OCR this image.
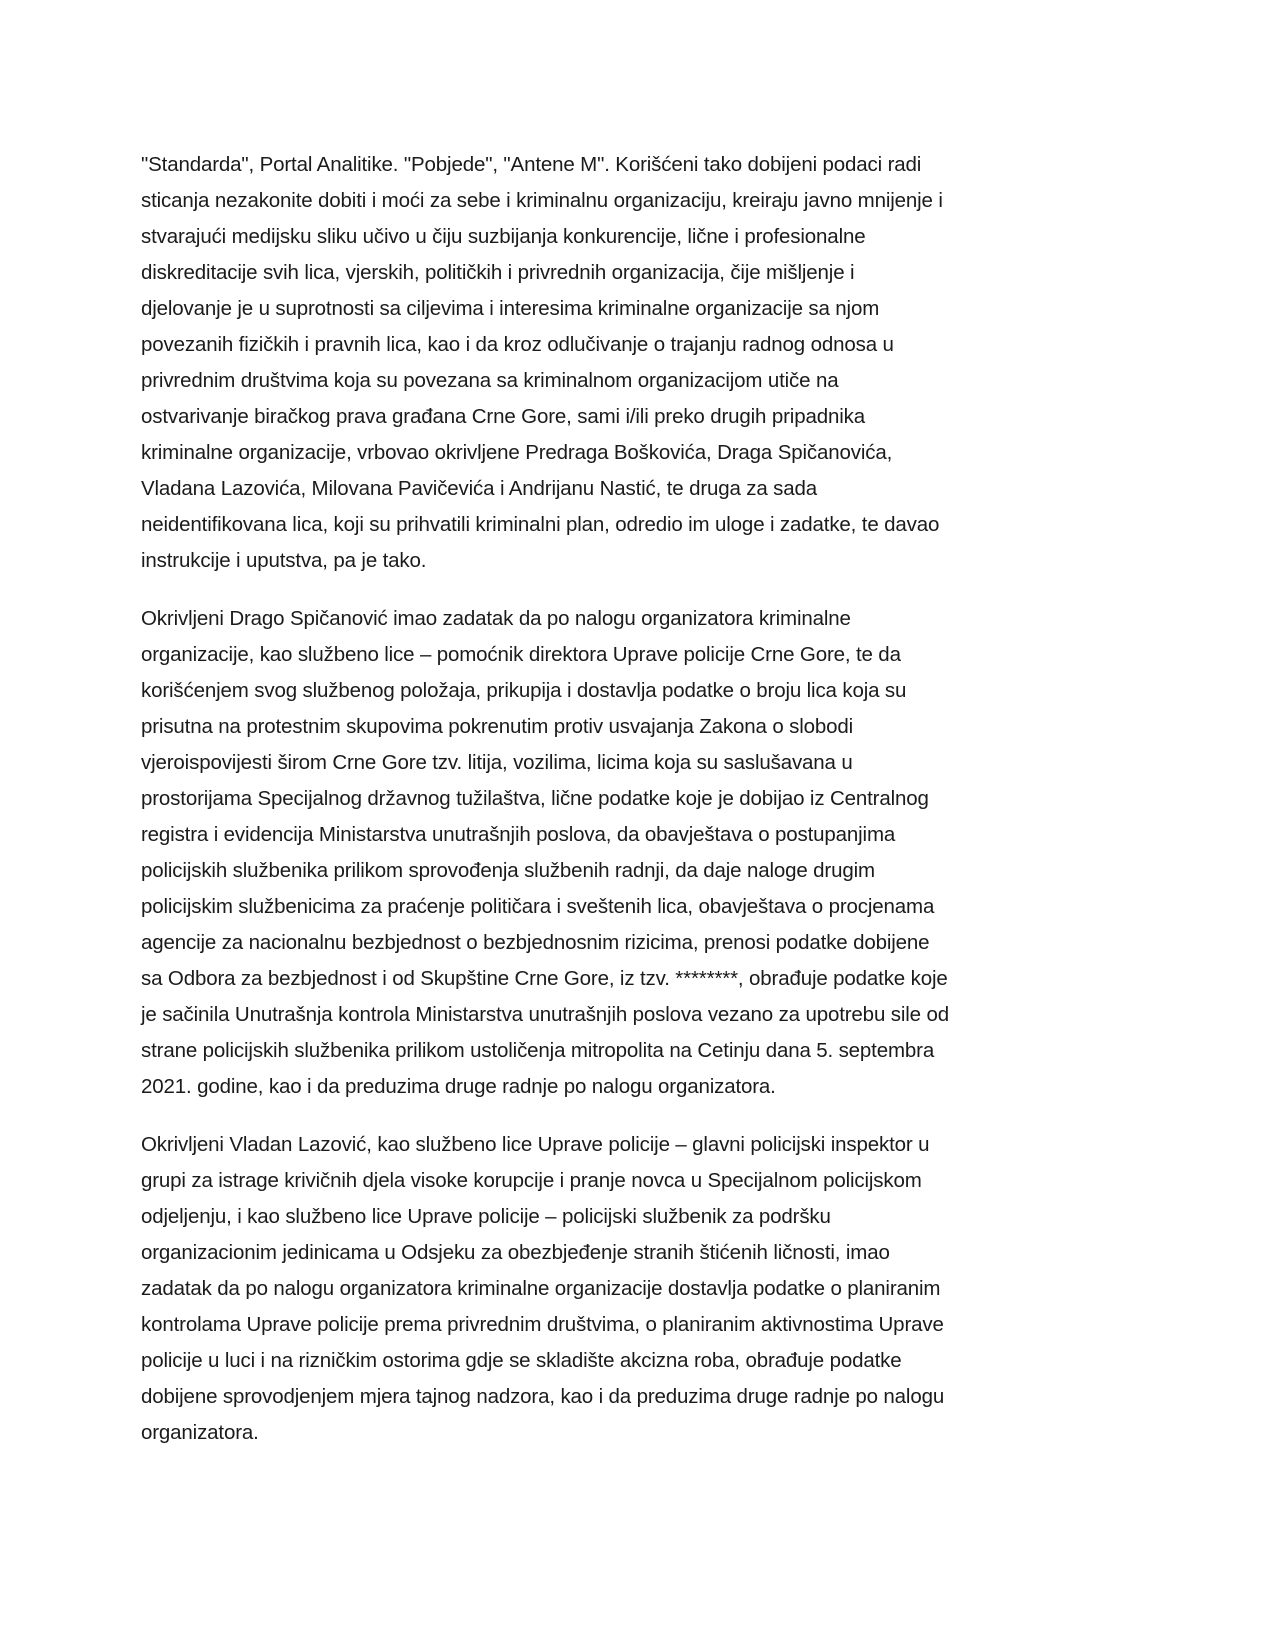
"Standarda", Portal Analitike. "Pobjede", "Antene M". Korišćeni tako dobijeni podaci radi
sticanja nezakonite dobiti i moći za sebe i kriminalnu organizaciju, kreiraju javno mnijenje i
stvarajući medijsku sliku učivo u čiju suzbijanja konkurencije, lične i profesionalne
diskreditacije svih lica, vjerskih, političkih i privrednih organizacija, čije mišljenje i
djelovanje je u suprotnosti sa ciljevima i interesima kriminalne organizacije sa njom
povezanih fizičkih i pravnih lica, kao i da kroz odlučivanje o trajanju radnog odnosa u
privrednim društvima koja su povezana sa kriminalnom organizacijom utiče na
ostvarivanje biračkog prava građana Crne Gore, sami i/ili preko drugih pripadnika
kriminalne organizacije, vrbovao okrivljene Predraga Boškovića, Draga Spičanovića,
Vladana Lazovića, Milovana Pavičevića i Andrijanu Nastić, te druga za sada
neidentifikovana lica, koji su prihvatili kriminalni plan, odredio im uloge i zadatke, te davao
instrukcije i uputstva, pa je tako.

Okrivljeni Drago Spičanović imao zadatak da po nalogu organizatora kriminalne
organizacije, kao službeno lice – pomoćnik direktora Uprave policije Crne Gore, te da
korišćenjem svog službenog položaja, prikupija i dostavlja podatke o broju lica koja su
prisutna na protestnim skupovima pokrenutim protiv usvajanja Zakona o slobodi
vjeroispovijesti širom Crne Gore tzv. litija, vozilima, licima koja su saslušavana u
prostorijama Specijalnog državnog tužilaštva, lične podatke koje je dobijao iz Centralnog
registra i evidencija Ministarstva unutrašnjih poslova, da obavještava o postupanjima
policijskih službenika prilikom sprovođenja službenih radnji, da daje naloge drugim
policijskim službenicima za praćenje političara i sveštenih lica, obavještava o procjenama
agencije za nacionalnu bezbjednost o bezbjednosnim rizicima, prenosi podatke dobijene
sa Odbora za bezbjednost i od Skupštine Crne Gore, iz tzv. ********, obrađuje podatke koje
je sačinila Unutrašnja kontrola Ministarstva unutrašnjih poslova vezano za upotrebu sile od
strane policijskih službenika prilikom ustoličenja mitropolita na Cetinju dana 5. septembra
2021. godine, kao i da preduzima druge radnje po nalogu organizatora.

Okrivljeni Vladan Lazović, kao službeno lice Uprave policije – glavni policijski inspektor u
grupi za istrage krivičnih djela visoke korupcije i pranje novca u Specijalnom policijskom
odjeljenju, i kao službeno lice Uprave policije – policijski službenik za podršku
organizacionim jedinicama u Odsjeku za obezbjeđenje stranih štićenih ličnosti, imao
zadatak da po nalogu organizatora kriminalne organizacije dostavlja podatke o planiranim
kontrolama Uprave policije prema privrednim društvima, o planiranim aktivnostima Uprave
policije u luci i na rizničkim ostorima gdje se skladište akcizna roba, obrađuje podatke
dobijene sprovodjenjem mjera tajnog nadzora, kao i da preduzima druge radnje po nalogu
organizatora.
